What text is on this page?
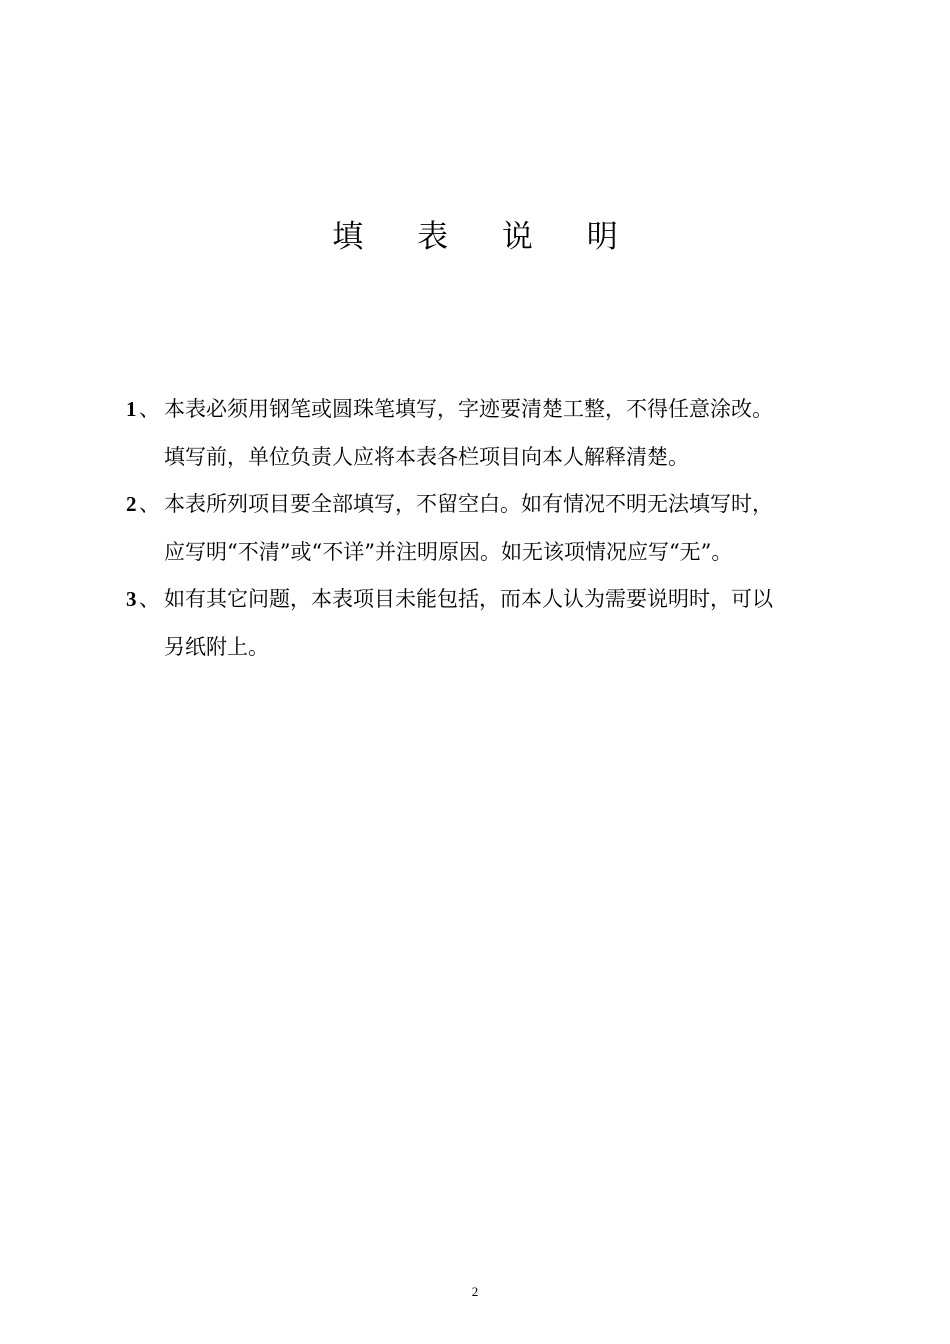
填 表 说 明
1 、 本表必须用钢笔或圆珠笔填写，字迹要清楚工整，不得任意涂改。
填写前，单位负责人应将本表各栏项目向本人解释清楚。
2 、 本表所列项目要全部填写，不留空白。如有情况不明无法填写时，
应写明“不清”或“不详”并注明原因。如无该项情况应写“无”。
3 、 如有其它问题，本表项目未能包括，而本人认为需要说明时，可以
另纸附上。
2
